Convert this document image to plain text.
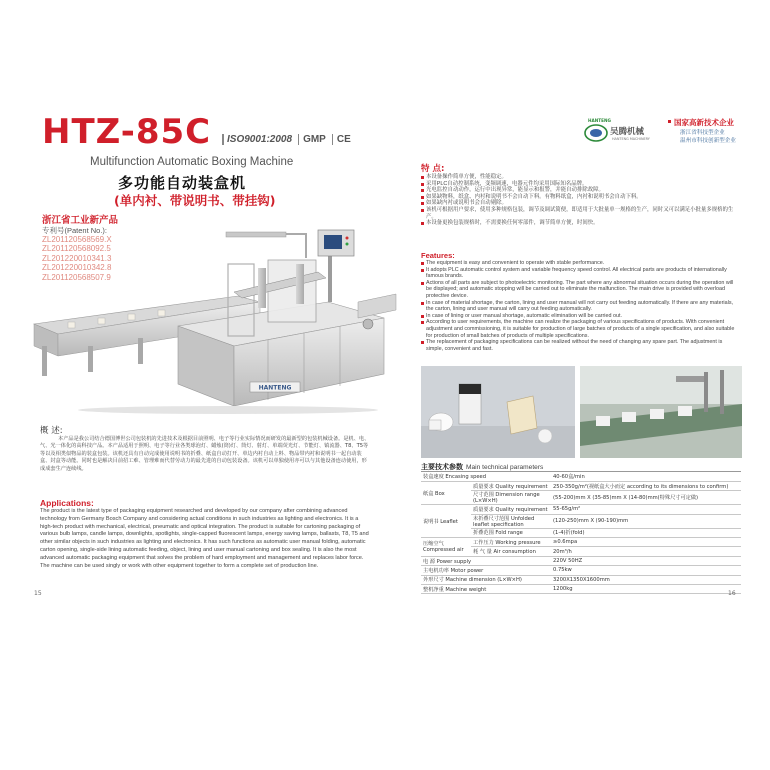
HTZ-85C	ISO9001:2008	GMP	CE
Multifunction Automatic Boxing Machine
多功能自动装盒机
(单内衬、带说明书、带挂钩)
浙江省工业新产品
专利号(Patent No.):
ZL201120568569.X
ZL201120568092.5
ZL201220010341.3
ZL201220010342.8
ZL201120568507.9
HANTENG
概 述:
本产品是我公司结合德国博世公司包装机的先进技术及根据目前照明、电子等行业实际情况而研发的最新型的包装机械设备。是机、电、气、光一体化的高科技产品。本产品适用于照明、电子等行业各类球泡灯、蜡烛(筒)灯、筒灯、射灯、单端荧光灯、节能灯、镇流器、T8、T5等等以及相类似物品的装盒包装。该机还具有自动完成使用说明书的折叠、纸盒自动打开、单边内衬自动上料、物品带内衬和说明书一起自动装盒、封盒等动能。同时也是解决目前招工难、管理难而代替劳动力的最先进的自动包装设备。该机可以单独使用亦可以与其他设备连动使用，形成成套生产连续线。
Applications:
The product is the latest type of packaging equipment researched and developed by our company after combining advanced technology from Germany Bosch Company and considering actual conditions in such industries as lighting and electronics. It is a high-tech product with mechanical, electrical, pneumatic and optical integration. The product is suitable for cartoning packaging of various bulb lamps, candle lamps, downlights, spotlights, single-capped fluorescent lamps, energy saving lamps, ballasts, T8, T5 and other similar objects in such industries as lighting and electronics. It has such functions as automatic user manual folding, automatic carton opening, single-side lining automatic feeding, object, lining and user manual cartoning and box sealing. It is also the most advanced automatic packaging equipment that solves the problem of hard employment and management and replaces labor force. The machine can be used singly or work with other equipment together to form a complete set of production line.
15
HANTENG
吴腾机械
HANTENG MACHINERY
国家高新技术企业
浙江省科技型企业
温州市科技创新型企业
特 点:
本设备操作简单方便，性能稳定。
采用PLC自动控制系统，变频调速，电器元件均采用国际知名品牌。
光电监控自动动作，运行中出现异常，能显示和报警，并能自动排除故障。
如果缺物料，纸盒、内衬和说明书不会自动下料。有物料纸盒，内衬和说明书会自动下料。
如果缺内衬或说明书会自动剔除。
该机可根据用户要求，使用多种规格包装，调节及调试简便，即适用于大批量单一规格的生产，同时又可以满足小批量多规格的生产。
本设备更换包装规格时，不需要换任何零部件，调节简单方便，时间快。
Features:
The equipment is easy and convenient to operate with stable performance.
It adopts PLC automatic control system and variable frequency speed control. All electrical parts are products of internationally famous brands.
Actions of all parts are subject to photoelectric monitoring. The part where any abnormal situation occurs during the operation will be displayed; and automatic stopping will be carried out to eliminate the malfunction. The main drive is provided with overload protective device.
In case of material shortage, the carton, lining and user manual will not carry out feeding automatically. If there are any materials, the carton, lining and user manual will carry out feeding automatically.
In case of lining or user manual shortage, automatic elimination will be carried out.
According to user requirements, the machine can realize the packaging of various specifications of products. With convenient adjustment and commissioning, it is suitable for production of large batches of products of a single specification, and also suitable for production of small batches of products of multiple specifications.
The replacement of packaging specifications can be realized without the need of changing any spare part. The adjustment is simple, convenient and fast.
主要技术参数 Main technical parameters
装盒速度 Encasing speed		40-60盒/min
纸盒 Box	质量要求 Quality requirement	250-350g/m²(视纸盒大小而定 according to its dimensions to confirm)
	尺寸范围 Dimension range (L×W×H)	(55-200)mm X (35-85)mm X (14-80)mm(特殊尺寸可定做)
说明书 Leaflet	质量要求 Quality requirement	55-65g/m²
	未折叠尺寸范围 Unfolded leaflet specification	(120-250)mm X (90-190)mm
	折叠范围 Fold range	(1-4)折(fold)
压缩空气 Compressed air	工作压力 Working pressure	≥0.6mpa
	耗 气 量 Air consumption	20m³/h
电 源 Power supply		220V 50HZ
主电机功率 Motor power		0.75kw
外形尺寸 Machine dimension (L×W×H)		3200X1350X1600mm
整机净重 Machine weight		1200kg
16
